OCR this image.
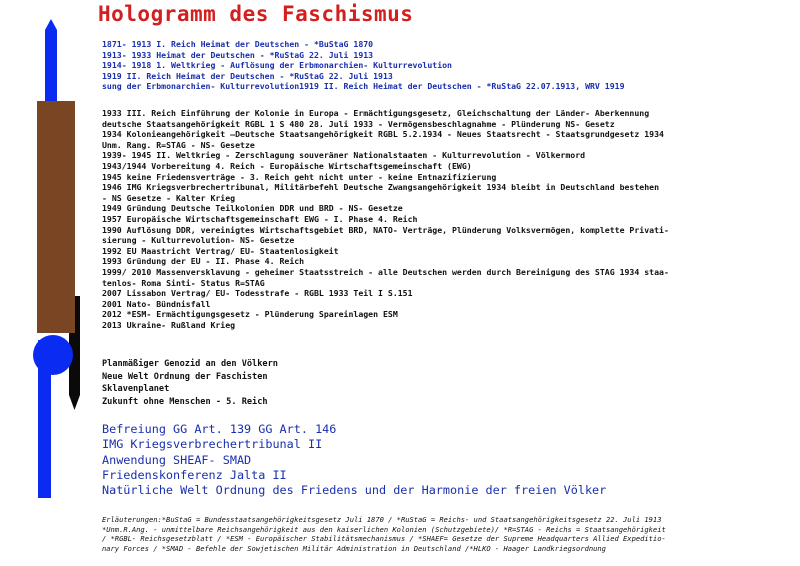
Hologramm des Faschismus
1871- 1913 I. Reich Heimat der Deutschen - *BuStaG 1870
1913- 1933 Heimat der Deutschen - *RuStaG 22. Juli 1913
1914- 1918 1. Weltkrieg - Auflösung der Erbmonarchien- Kulturrevolution
1919 II. Reich Heimat der Deutschen - *RuStaG 22. Juli 1913
sung der Erbmonarchien- Kulturrevolution1919 II. Reich Heimat der Deutschen - *RuStaG 22.07.1913, WRV 1919
1933 III. Reich Einführung der Kolonie in Europa - Ermächtigungsgesetz, Gleichschaltung der Länder- Aberkennung
deutsche Staatsangehörigkeit RGBL 1 S 480 28. Juli 1933 - Vermögensbeschlagnahme - Plünderung NS- Gesetz
1934 Kolonieangehörigkeit –Deutsche Staatsangehörigkeit RGBL 5.2.1934 - Neues Staatsrecht - Staatsgrundgesetz 1934
Unm. Rang. R=STAG - NS- Gesetze
1939- 1945 II. Weltkrieg - Zerschlagung souveräner Nationalstaaten - Kulturrevolution - Völkermord
1943/1944 Vorbereitung 4. Reich - Europäische Wirtschaftsgemeinschaft (EWG)
1945 keine Friedensverträge - 3. Reich geht nicht unter - keine Entnazifizierung
1946 IMG Kriegsverbrechertribunal, Militärbefehl Deutsche Zwangsangehörigkeit 1934 bleibt in Deutschland bestehen
- NS Gesetze - Kalter Krieg
1949 Gründung Deutsche Teilkolonien DDR und BRD - NS- Gesetze
1957 Europäische Wirtschaftsgemeinschaft EWG - I. Phase 4. Reich
1990 Auflösung DDR, vereinigtes Wirtschaftsgebiet BRD, NATO- Verträge, Plünderung Volksvermögen, komplette Privati-
sierung - Kulturrevolution- NS- Gesetze
1992 EU Maastricht Vertrag/ EU- Staatenlosigkeit
1993 Gründung der EU - II. Phase 4. Reich
1999/ 2010 Massenversklavung - geheimer Staatsstreich - alle Deutschen werden durch Bereinigung des STAG 1934 staa-
tenlos- Roma Sinti- Status R=STAG
2007 Lissabon Vertrag/ EU- Todesstrafe - RGBL 1933 Teil I S.151
2001 Nato- Bündnisfall
2012 *ESM- Ermächtigungsgesetz - Plünderung Spareinlagen ESM
2013 Ukraine- Rußland Krieg
Planmäßiger Genozid an den Völkern
Neue Welt Ordnung der Faschisten
Sklavenplanet
Zukunft ohne Menschen - 5. Reich
Befreiung GG Art. 139 GG Art. 146
IMG Kriegsverbrechertribunal II
Anwendung SHEAF- SMAD
Friedenskonferenz Jalta II
Natürliche Welt Ordnung des Friedens und der Harmonie der freien Völker
Erläuterungen:*BuStaG = Bundesstaatsangehörigkeitsgesetz Juli 1870 / *RuStaG = Reichs- und Staatsangehörigkeitsgesetz 22. Juli 1913
*Unm.R.Ang. - unmittelbare Reichsangehörigkeit aus den kaiserlichen Kolonien (Schutzgebiete)/ *R=STAG - Reichs = Staatsangehörigkeit
/ *RGBL- Reichsgesetzblatt / *ESM - Europäischer Stabilitätsmechanismus / *SHAEF= Gesetze der Supreme Headquarters Allied Expeditio-
nary Forces / *SMAD - Befehle der Sowjetischen Militär Administration in Deutschland /*HLKO - Haager Landkriegsordnung
